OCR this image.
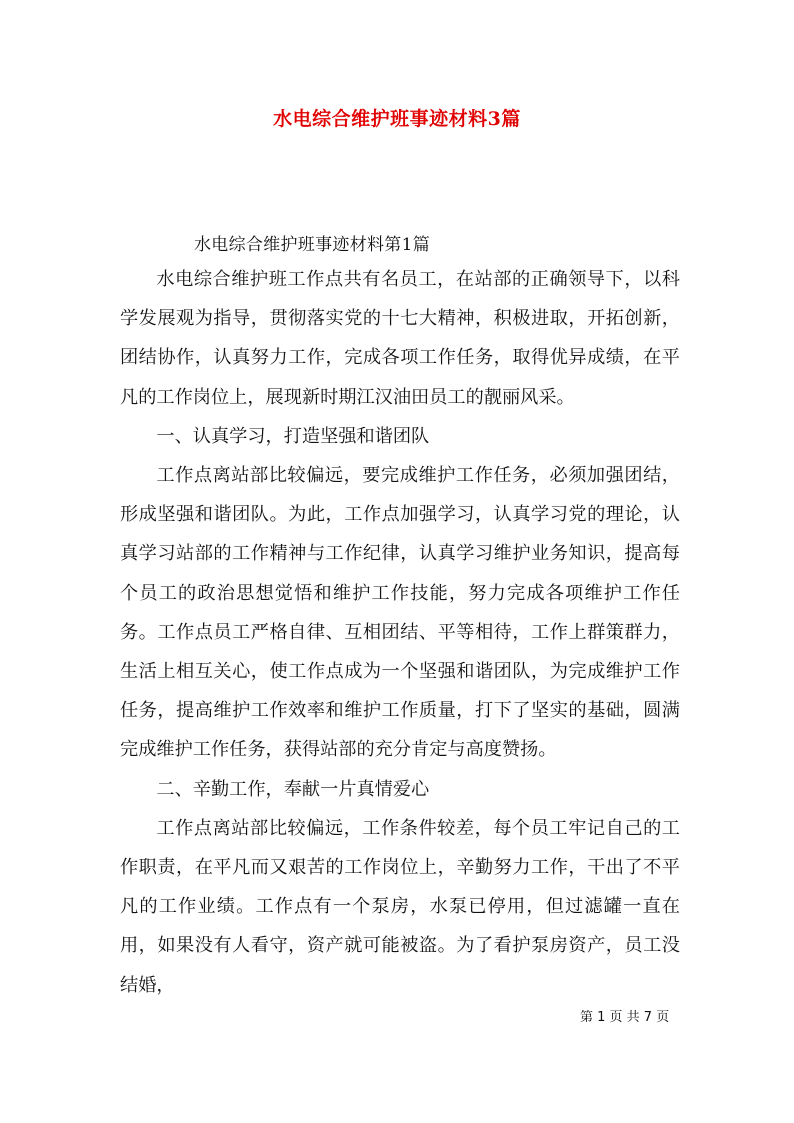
水电综合维护班事迹材料3篇
水电综合维护班事迹材料第1篇

水电综合维护班工作点共有名员工，在站部的正确领导下，以科学发展观为指导，贯彻落实党的十七大精神，积极进取，开拓创新，团结协作，认真努力工作，完成各项工作任务，取得优异成绩，在平凡的工作岗位上，展现新时期江汉油田员工的靓丽风采。

一、认真学习，打造坚强和谐团队

工作点离站部比较偏远，要完成维护工作任务，必须加强团结，形成坚强和谐团队。为此，工作点加强学习，认真学习党的理论，认真学习站部的工作精神与工作纪律，认真学习维护业务知识，提高每个员工的政治思想觉悟和维护工作技能，努力完成各项维护工作任务。工作点员工严格自律、互相团结、平等相待，工作上群策群力，生活上相互关心，使工作点成为一个坚强和谐团队，为完成维护工作任务，提高维护工作效率和维护工作质量，打下了坚实的基础，圆满完成维护工作任务，获得站部的充分肯定与高度赞扬。

二、辛勤工作，奉献一片真情爱心

工作点离站部比较偏远，工作条件较差，每个员工牢记自己的工作职责，在平凡而又艰苦的工作岗位上，辛勤努力工作，干出了不平凡的工作业绩。工作点有一个泵房，水泵已停用，但过滤罐一直在用，如果没有人看守，资产就可能被盗。为了看护泵房资产，员工没结婚，

第 1 页 共 7 页
